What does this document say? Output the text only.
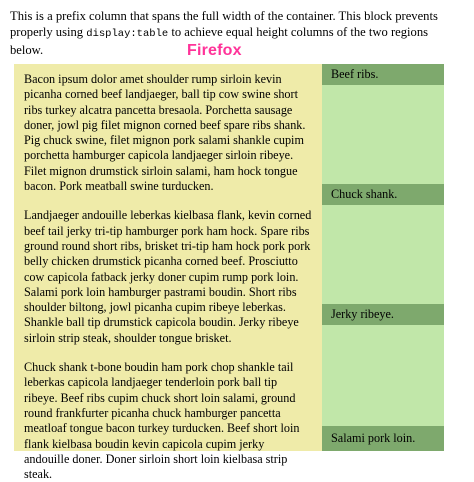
This is a prefix column that spans the full width of the container. This block prevents properly using display:table to achieve equal height columns of the two regions below.	Firefox

Bacon ipsum dolor amet shoulder rump sirloin kevin picanha corned beef landjaeger, ball tip cow swine short ribs turkey alcatra pancetta bresaola. Porchetta sausage doner, jowl pig filet mignon corned beef spare ribs shank. Pig chuck swine, filet mignon pork salami shankle cupim porchetta hamburger capicola landjaeger sirloin ribeye. Filet mignon drumstick sirloin salami, ham hock tongue bacon. Pork meatball swine turducken.

Landjaeger andouille leberkas kielbasa flank, kevin corned beef tail jerky tri-tip hamburger pork ham hock. Spare ribs ground round short ribs, brisket tri-tip ham hock pork pork belly chicken drumstick picanha corned beef. Prosciutto cow capicola fatback jerky doner cupim rump pork loin. Salami pork loin hamburger pastrami boudin. Short ribs shoulder biltong, jowl picanha cupim ribeye leberkas. Shankle ball tip drumstick capicola boudin. Jerky ribeye sirloin strip steak, shoulder tongue brisket.

Chuck shank t-bone boudin ham pork chop shankle tail leberkas capicola landjaeger tenderloin pork ball tip ribeye. Beef ribs cupim chuck short loin salami, ground round frankfurter picanha chuck hamburger pancetta meatloaf tongue bacon turkey turducken. Beef short loin flank kielbasa boudin kevin capicola cupim jerky andouille doner. Doner sirloin short loin kielbasa strip steak.

Beef ribs.
Chuck shank.
Jerky ribeye.
Salami pork loin.
